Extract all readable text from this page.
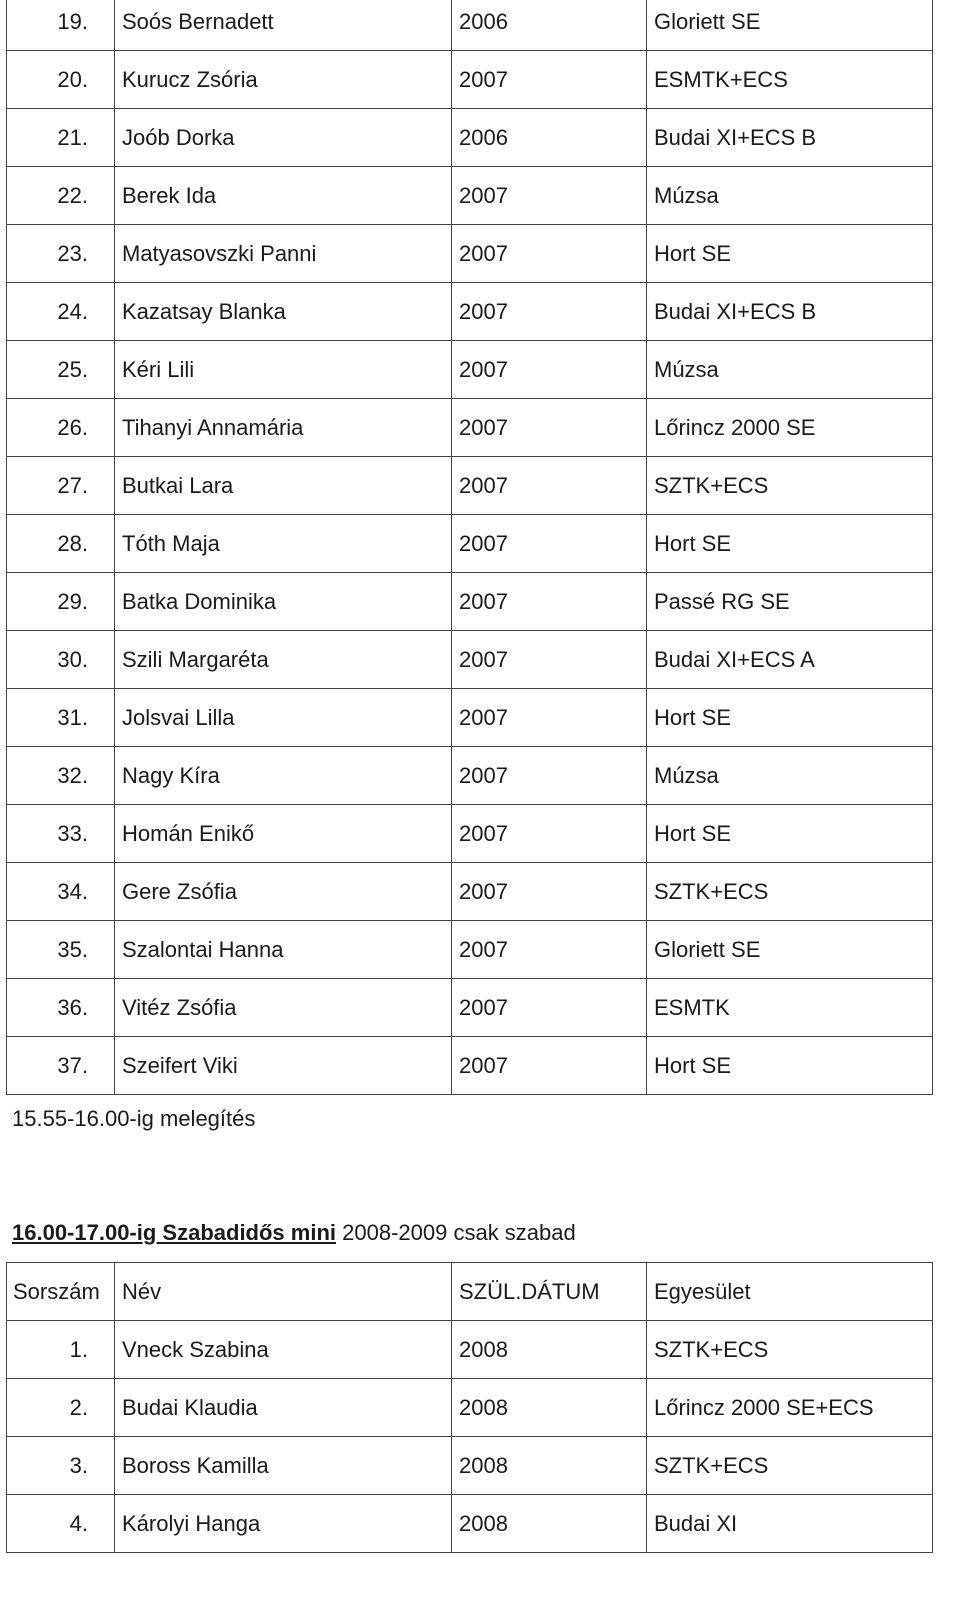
19.	Soós Bernadett	2006	Gloriett SE
20.	Kurucz Zsória	2007	ESMTK+ECS
21.	Joób Dorka	2006	Budai XI+ECS B
22.	Berek Ida	2007	Múzsa
23.	Matyasovszki Panni	2007	Hort SE
24.	Kazatsay Blanka	2007	Budai XI+ECS B
25.	Kéri Lili	2007	Múzsa
26.	Tihanyi Annamária	2007	Lőrincz 2000 SE
27.	Butkai Lara	2007	SZTK+ECS
28.	Tóth Maja	2007	Hort SE
29.	Batka Dominika	2007	Passé RG SE
30.	Szili Margaréta	2007	Budai XI+ECS A
31.	Jolsvai Lilla	2007	Hort SE
32.	Nagy Kíra	2007	Múzsa
33.	Homán Enikő	2007	Hort SE
34.	Gere Zsófia	2007	SZTK+ECS
35.	Szalontai Hanna	2007	Gloriett SE
36.	Vitéz Zsófia	2007	ESMTK
37.	Szeifert Viki	2007	Hort SE
15.55-16.00-ig melegítés
16.00-17.00-ig Szabadidős mini 2008-2009 csak szabad
Sorszám	Név	SZÜL.DÁTUM	Egyesület
1.	Vneck Szabina	2008	SZTK+ECS
2.	Budai Klaudia	2008	Lőrincz 2000 SE+ECS
3.	Boross Kamilla	2008	SZTK+ECS
4.	Károlyi Hanga	2008	Budai XI
